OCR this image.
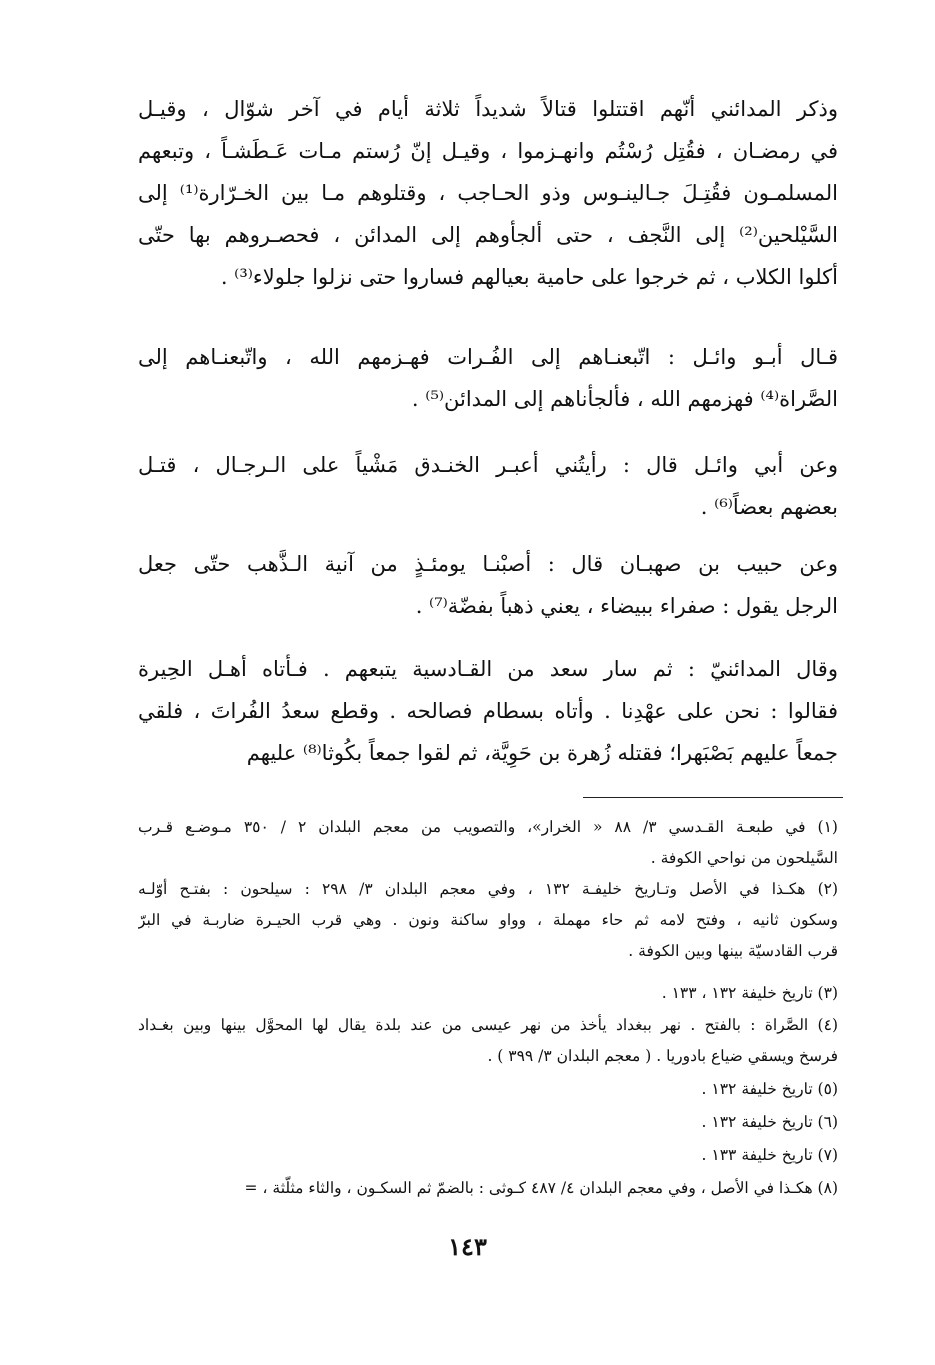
وذكر المدائني أنّهم اقتتلوا قتالاً شديداً ثلاثة أيام في آخر شوّال ، وقيـل
في رمضـان ، فقُتِل رُسْتُم وانهـزموا ، وقيـل إنّ رُستم مـات عَـطَشـاً ، وتبعهم
المسلمـون فقُتِـلَ جـالينـوس وذو الحـاجب ، وقتلوهم مـا بين الخـرّارة⁽¹⁾ إلى
السَّيْلحين⁽²⁾ إلى النَّجف ، حتى ألجأوهم إلى المدائن ، فحصـروهم بها حتّى
أكلوا الكلاب ، ثم خرجوا على حامية بعيالهم فساروا حتى نزلوا جلولاء⁽³⁾ .
قـال أبـو وائـل : اتّبعنـاهم إلى الفُـرات فهـزمهم الله ، واتّبعنـاهم إلى
الصَّراة⁽⁴⁾ فهزمهم الله ، فألجأناهم إلى المدائن⁽⁵⁾ .
وعن أبي وائـل قال : رأيتُني أعبـر الخنـدق مَشْياً على الـرجـال ، قتـل
بعضهم بعضاً⁽⁶⁾ .
وعن حبيب بن صهبـان قال : أصبْنـا يومئـذٍ من آنية الـذَّهب حتّى جعل
الرجل يقول : صفراء ببيضاء ، يعني ذهباً بفضّة⁽⁷⁾ .
وقال المدائنيّ : ثم سار سعد من القـادسية يتبعهم . فـأتاه أهـل الحِيرة
فقالوا : نحن على عهْدِنا . وأتاه بسطام فصالحه . وقطع سعدُ الفُراتَ ، فلقي
جمعاً عليهم بَصْبَهرا؛ فقتله زُهرة بن حَوِيَّة، ثم لقوا جمعاً بكُوثا⁽⁸⁾ عليهم
(١) في طبعـة القـدسي ٣/ ٨٨ « الخرار»، والتصويب من معجم البلدان ٢ / ٣٥٠ مـوضـع قـرب
السَّيلحون من نواحي الكوفة .
(٢) هكـذا في الأصل وتـاريخ خليفـة ١٣٢ ، وفي معجم البلدان ٣/ ٢٩٨ : سيلحون : بفتـح أوّلـه
وسكون ثانيه ، وفتح لامه ثم حاء مهملة ، وواو ساكنة ونون . وهي قرب الحيـرة ضاربـة في البرّ
قرب القادسيّة بينها وبين الكوفة .
(٣) تاريخ خليفة ١٣٢ ، ١٣٣ .
(٤) الصَّراة : بالفتح . نهر ببغداد يأخذ من نهر عيسى من عند بلدة يقال لها المحوَّل بينها وبين بغـداد
فرسخ ويسقي ضياع بادوريا . ( معجم البلدان ٣/ ٣٩٩ ) .
(٥) تاريخ خليفة ١٣٢ .
(٦) تاريخ خليفة ١٣٢ .
(٧) تاريخ خليفة ١٣٣ .
(٨) هكـذا في الأصل ، وفي معجم البلدان ٤/ ٤٨٧ كـوثى : بالضمّ ثم السكـون ، والثاء مثلّثة ، =
١٤٣
